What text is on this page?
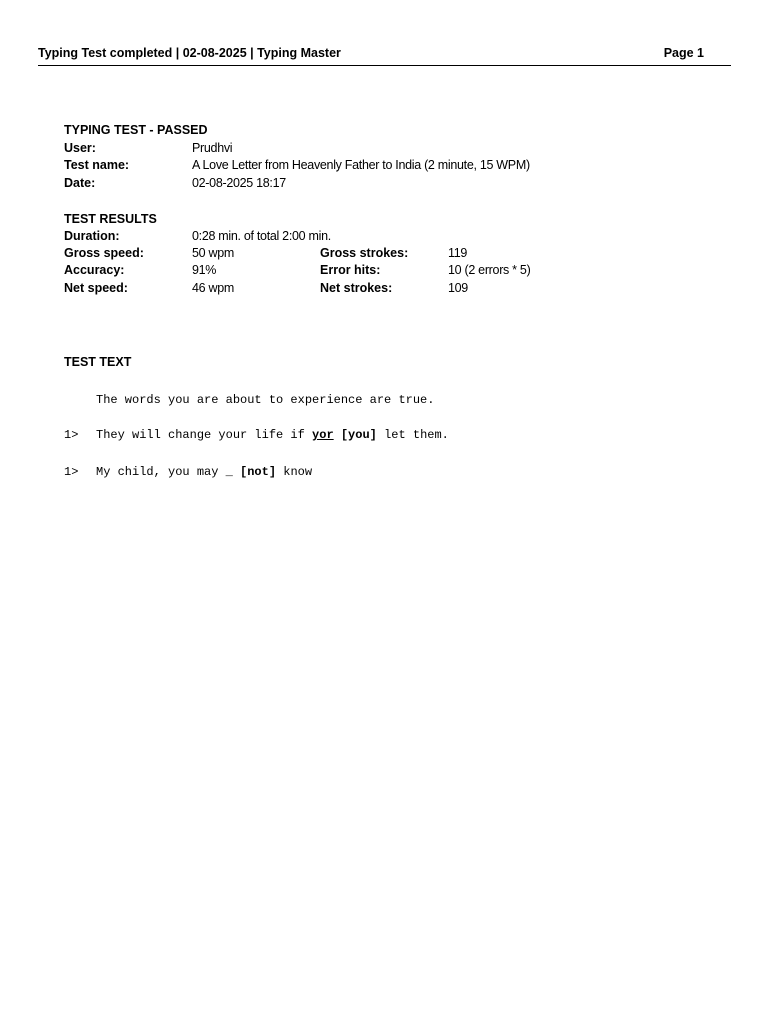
Typing Test completed | 02-08-2025 | Typing Master	Page 1
TYPING TEST - PASSED
User:	Prudhvi
Test name:	A Love Letter from Heavenly Father to India (2 minute, 15 WPM)
Date:	02-08-2025 18:17
TEST RESULTS
Duration:	0:28 min. of total 2:00 min.
Gross speed:	50 wpm	Gross strokes:	119
Accuracy:	91%	Error hits:	10 (2 errors * 5)
Net speed:	46 wpm	Net strokes:	109
TEST TEXT
The words you are about to experience are true.
1> They will change your life if yor [you] let them.
1> My child, you may _ [not] know
